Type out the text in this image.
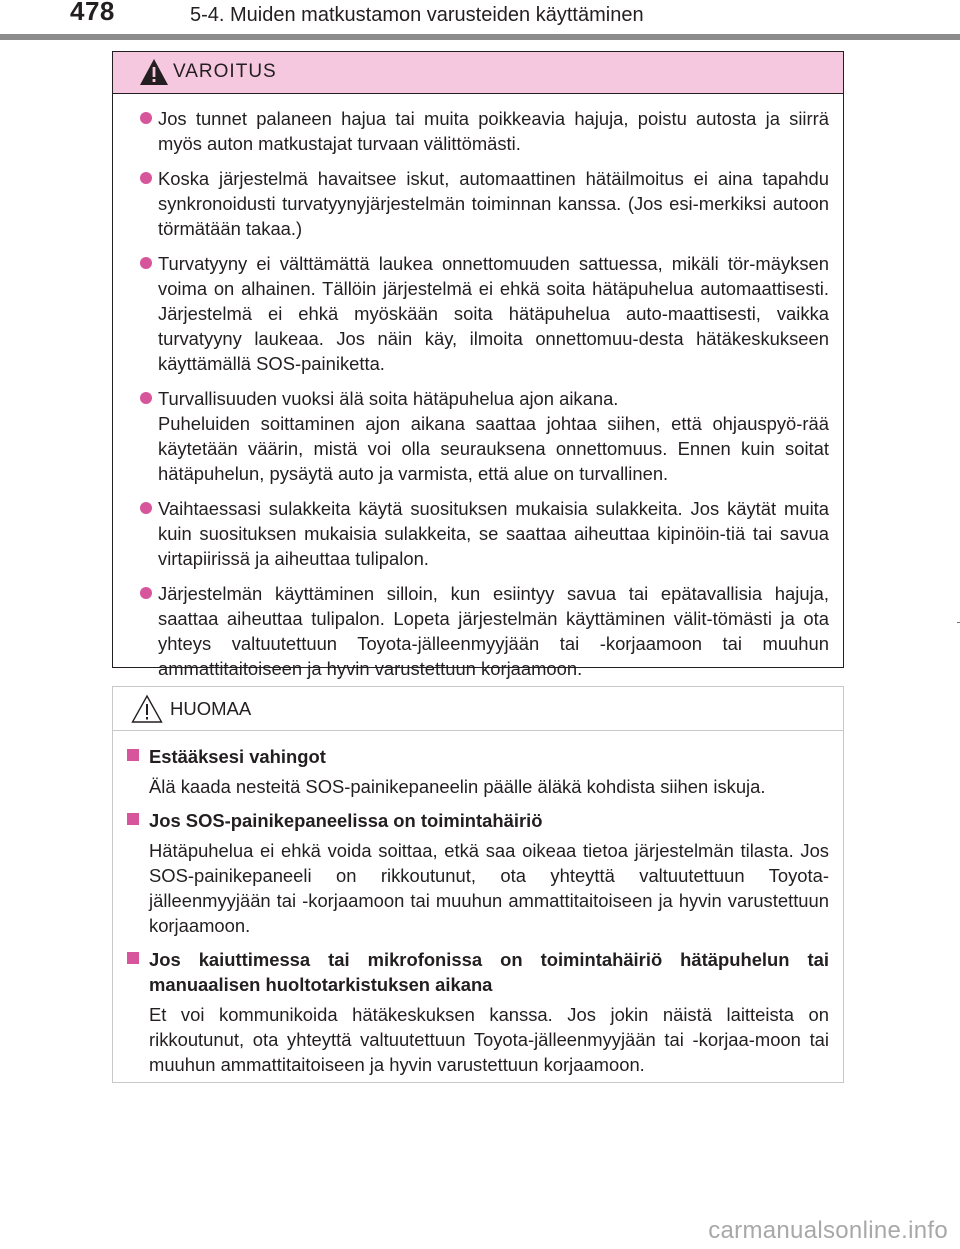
478	5-4. Muiden matkustamon varusteiden käyttäminen
VAROITUS
Jos tunnet palaneen hajua tai muita poikkeavia hajuja, poistu autosta ja siirrä myös auton matkustajat turvaan välittömästi.
Koska järjestelmä havaitsee iskut, automaattinen hätäilmoitus ei aina tapahdu synkronoidusti turvatyynyjärjestelmän toiminnan kanssa. (Jos esi-merkiksi autoon törmätään takaa.)
Turvatyyny ei välttämättä laukea onnettomuuden sattuessa, mikäli tör-mäyksen voima on alhainen. Tällöin järjestelmä ei ehkä soita hätäpuhelua automaattisesti. Järjestelmä ei ehkä myöskään soita hätäpuhelua auto-maattisesti, vaikka turvatyyny laukeaa. Jos näin käy, ilmoita onnettomuu-desta hätäkeskukseen käyttämällä SOS-painiketta.
Turvallisuuden vuoksi älä soita hätäpuhelua ajon aikana.
Puheluiden soittaminen ajon aikana saattaa johtaa siihen, että ohjauspyö-rää käytetään väärin, mistä voi olla seurauksena onnettomuus. Ennen kuin soitat hätäpuhelun, pysäytä auto ja varmista, että alue on turvallinen.
Vaihtaessasi sulakkeita käytä suosituksen mukaisia sulakkeita. Jos käytät muita kuin suosituksen mukaisia sulakkeita, se saattaa aiheuttaa kipinöin-tiä tai savua virtapiirissä ja aiheuttaa tulipalon.
Järjestelmän käyttäminen silloin, kun esiintyy savua tai epätavallisia hajuja, saattaa aiheuttaa tulipalon. Lopeta järjestelmän käyttäminen välit-tömästi ja ota yhteys valtuutettuun Toyota-jälleenmyyjään tai -korjaamoon tai muuhun ammattitaitoiseen ja hyvin varustettuun korjaamoon.
HUOMAA
Estääksesi vahingot
Älä kaada nesteitä SOS-painikepaneelin päälle äläkä kohdista siihen iskuja.
Jos SOS-painikepaneelissa on toimintahäiriö
Hätäpuhelua ei ehkä voida soittaa, etkä saa oikeaa tietoa järjestelmän tilasta. Jos SOS-painikepaneeli on rikkoutunut, ota yhteyttä valtuutettuun Toyota-jälleenmyyjään tai -korjaamoon tai muuhun ammattitaitoiseen ja hyvin varustettuun korjaamoon.
Jos kaiuttimessa tai mikrofonissa on toimintahäiriö hätäpuhelun tai manuaalisen huoltotarkistuksen aikana
Et voi kommunikoida hätäkeskuksen kanssa. Jos jokin näistä laitteista on rikkoutunut, ota yhteyttä valtuutettuun Toyota-jälleenmyyjään tai -korjaa-moon tai muuhun ammattitaitoiseen ja hyvin varustettuun korjaamoon.
carmanualsonline.info
